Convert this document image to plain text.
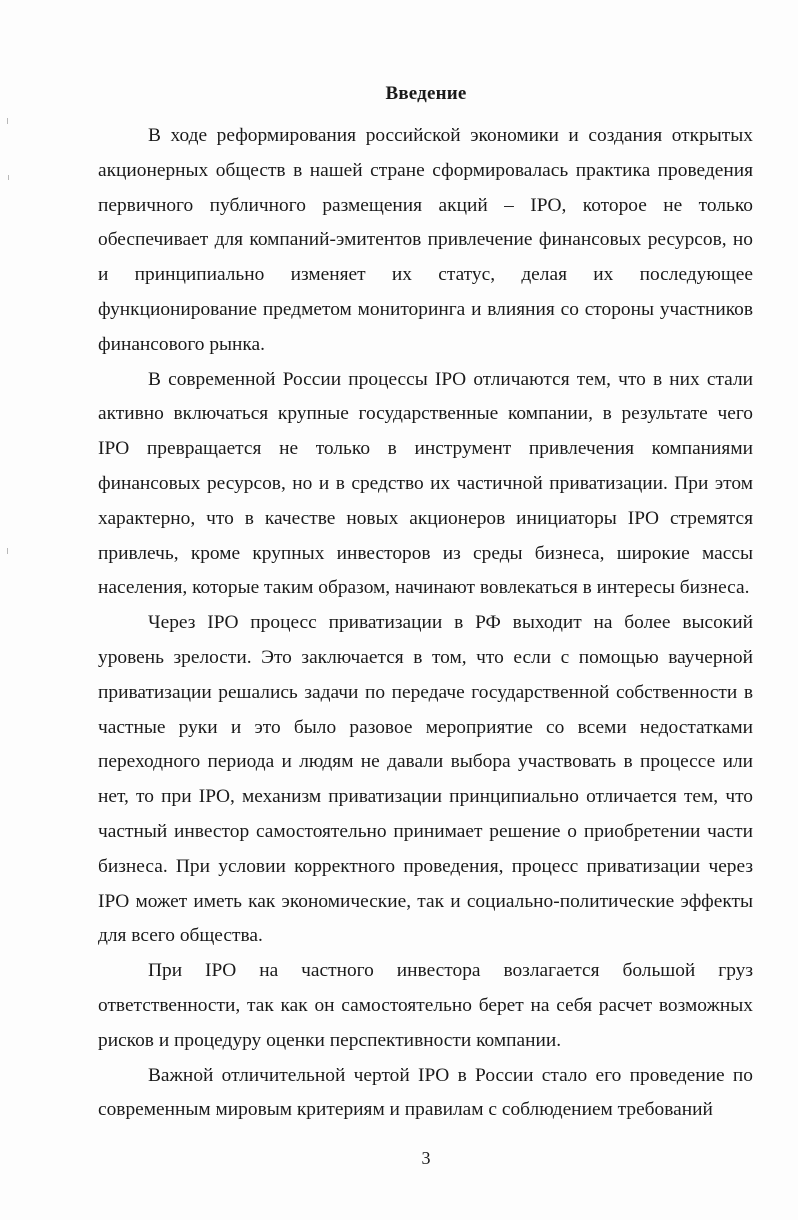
Введение

В ходе реформирования российской экономики и создания открытых акционерных обществ в нашей стране сформировалась практика проведения первичного публичного размещения акций – IPO, которое не только обеспечивает для компаний-эмитентов привлечение финансовых ресурсов, но и принципиально изменяет их статус, делая их последующее функционирование предметом мониторинга и влияния со стороны участников финансового рынка.

В современной России процессы IPO отличаются тем, что в них стали активно включаться крупные государственные компании, в результате чего IPO превращается не только в инструмент привлечения компаниями финансовых ресурсов, но и в средство их частичной приватизации. При этом характерно, что в качестве новых акционеров инициаторы IPO стремятся привлечь, кроме крупных инвесторов из среды бизнеса, широкие массы населения, которые таким образом, начинают вовлекаться в интересы бизнеса.

Через IPO процесс приватизации в РФ выходит на более высокий уровень зрелости. Это заключается в том, что если с помощью ваучерной приватизации решались задачи по передаче государственной собственности в частные руки и это было разовое мероприятие со всеми недостатками переходного периода и людям не давали выбора участвовать в процессе или нет, то при IPO, механизм приватизации принципиально отличается тем, что частный инвестор самостоятельно принимает решение о приобретении части бизнеса. При условии корректного проведения, процесс приватизации через IPO может иметь как экономические, так и социально-политические эффекты для всего общества.

При IPO на частного инвестора возлагается большой груз ответственности, так как он самостоятельно берет на себя расчет возможных рисков и процедуру оценки перспективности компании.

Важной отличительной чертой IPO в России стало его проведение по современным мировым критериям и правилам с соблюдением требований

3
